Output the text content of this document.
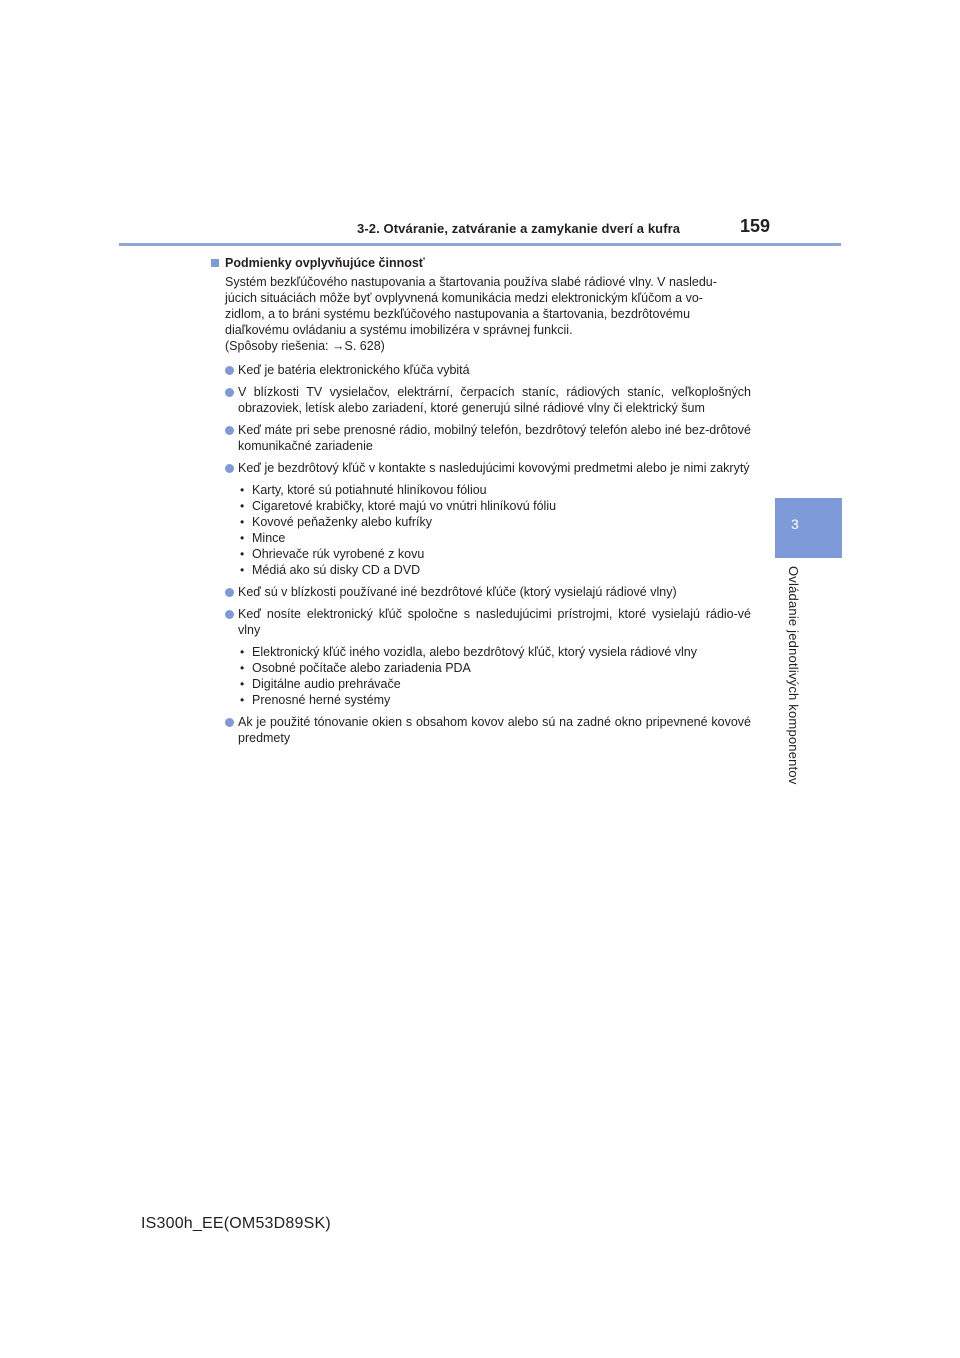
3-2. Otváranie, zatváranie a zamykanie dverí a kufra	159
3
Ovládanie jednotlivých komponentov
Podmienky ovplyvňujúce činnosť

Systém bezkľúčového nastupovania a štartovania používa slabé rádiové vlny. V nasledu-

júcich situáciách môže byť ovplyvnená komunikácia medzi elektronickým kľúčom a vo-

zidlom, a to bráni systému bezkľúčového nastupovania a štartovania, bezdrôtovému

diaľkovému ovládaniu a systému imobilizéra v správnej funkcii.

(Spôsoby riešenia: →S. 628)

Keď je batéria elektronického kľúča vybitá
V blízkosti TV vysielačov, elektrární, čerpacích staníc, rádiových staníc, veľkoplošných obrazoviek, letísk alebo zariadení, ktoré generujú silné rádiové vlny či elektrický šum
Keď máte pri sebe prenosné rádio, mobilný telefón, bezdrôtový telefón alebo iné bez-drôtové komunikačné zariadenie
Keď je bezdrôtový kľúč v kontakte s nasledujúcimi kovovými predmetmi alebo je nimi zakrytý
• Karty, ktoré sú potiahnuté hliníkovou fóliou
• Cigaretové krabičky, ktoré majú vo vnútri hliníkovú fóliu
• Kovové peňaženky alebo kufríky
• Mince
• Ohrievače rúk vyrobené z kovu
• Médiá ako sú disky CD a DVD
Keď sú v blízkosti používané iné bezdrôtové kľúče (ktorý vysielajú rádiové vlny)
Keď nosíte elektronický kľúč spoločne s nasledujúcimi prístrojmi, ktoré vysielajú rádio-vé vlny
• Elektronický kľúč iného vozidla, alebo bezdrôtový kľúč, ktorý vysiela rádiové vlny
• Osobné počítače alebo zariadenia PDA
• Digitálne audio prehrávače
• Prenosné herné systémy
Ak je použité tónovanie okien s obsahom kovov alebo sú na zadné okno pripevnené kovové predmety
IS300h_EE(OM53D89SK)
